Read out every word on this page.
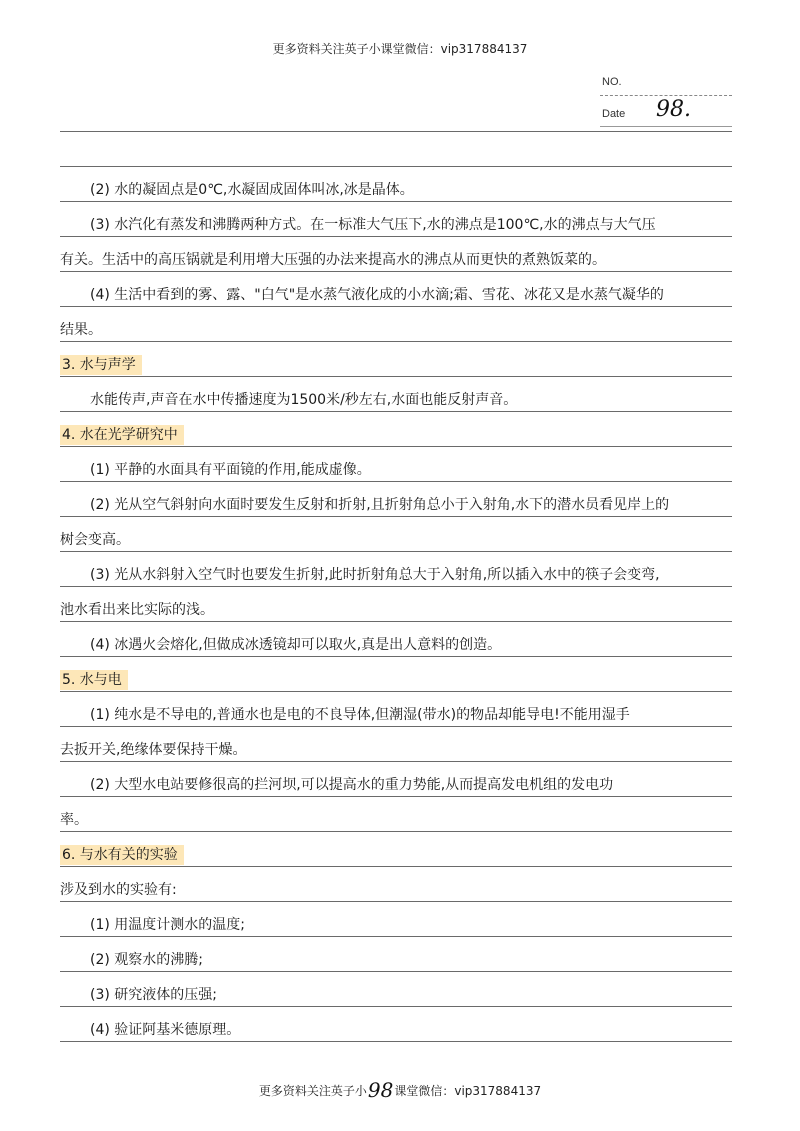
更多资料关注英子小课堂微信：vip317884137
NO.
Date 98.
(2) 水的凝固点是0℃,水凝固成固体叫冰,冰是晶体。
(3) 水汽化有蒸发和沸腾两种方式。在一标准大气压下,水的沸点是100℃,水的沸点与大气压
有关。生活中的高压锅就是利用增大压强的办法来提高水的沸点从而更快的煮熟饭菜的。
(4) 生活中看到的雾、露、"白气"是水蒸气液化成的小水滴;霜、雪花、冰花又是水蒸气凝华的
结果。
3. 水与声学
水能传声,声音在水中传播速度为1500米/秒左右,水面也能反射声音。
4. 水在光学研究中
(1) 平静的水面具有平面镜的作用,能成虚像。
(2) 光从空气斜射向水面时要发生反射和折射,且折射角总小于入射角,水下的潜水员看见岸上的
树会变高。
(3) 光从水斜射入空气时也要发生折射,此时折射角总大于入射角,所以插入水中的筷子会变弯,
池水看出来比实际的浅。
(4) 冰遇火会熔化,但做成冰透镜却可以取火,真是出人意料的创造。
5. 水与电
(1) 纯水是不导电的,普通水也是电的不良导体,但潮湿(带水)的物品却能导电!不能用湿手
去扳开关,绝缘体要保持干燥。
(2) 大型水电站要修很高的拦河坝,可以提高水的重力势能,从而提高发电机组的发电功
率。
6. 与水有关的实验
涉及到水的实验有:
(1) 用温度计测水的温度;
(2) 观察水的沸腾;
(3) 研究液体的压强;
(4) 验证阿基米德原理。
更多资料关注英子小98课堂微信：vip317884137
